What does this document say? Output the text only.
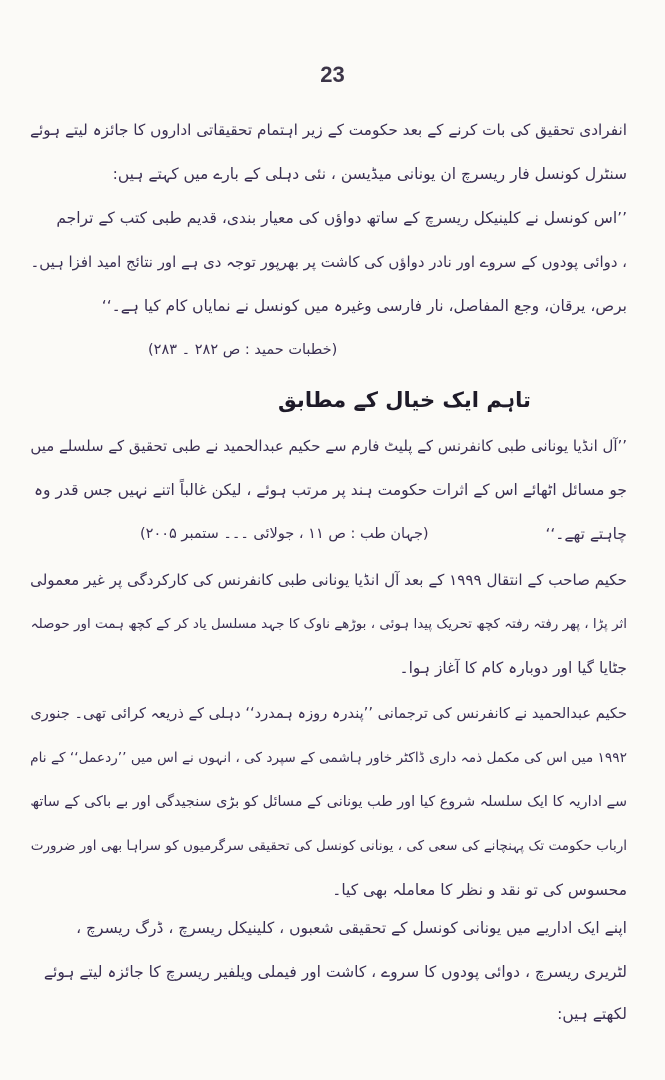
23
انفرادی تحقیق کی بات کرنے کے بعد حکومت کے زیر اہتمام تحقیقاتی اداروں کا جائزہ لیتے ہوئے
سنٹرل کونسل فار ریسرچ ان یونانی میڈیسن ، نئی دہلی کے بارے میں کہتے ہیں:
’’اس کونسل نے کلینیکل ریسرچ کے ساتھ دواؤں کی معیار بندی، قدیم طبی کتب کے تراجم
، دوائی پودوں کے سروے اور نادر دواؤں کی کاشت پر بھرپور توجہ دی ہے اور نتائج امید افزا ہیں۔
برص، یرقان، وجع المفاصل، نار فارسی وغیرہ میں کونسل نے نمایاں کام کیا ہے۔‘‘
(خطبات حمید : ص ۲۸۲ ۔ ۲۸۳)
تاہم ایک خیال کے مطابق
’’آل انڈیا یونانی طبی کانفرنس کے پلیٹ فارم سے حکیم عبدالحمید نے طبی تحقیق کے سلسلے میں
جو مسائل اٹھائے اس کے اثرات حکومت ہند پر مرتب ہوئے ، لیکن غالباً اتنے نہیں جس قدر وہ
چاہتے تھے۔‘‘
(جہان طب : ص ۱۱ ، جولائی ۔۔۔ ستمبر ۲۰۰۵)
حکیم صاحب کے انتقال ۱۹۹۹ کے بعد آل انڈیا یونانی طبی کانفرنس کی کارکردگی پر غیر معمولی
اثر پڑا ، پھر رفتہ رفتہ کچھ تحریک پیدا ہوئی ، بوڑھے ناوک کا جہد مسلسل یاد کر کے کچھ ہمت اور حوصلہ
جٹایا گیا اور دوبارہ کام کا آغاز ہوا۔
حکیم عبدالحمید نے کانفرنس کی ترجمانی ’’پندرہ روزہ ہمدرد‘‘ دہلی کے ذریعہ کرائی تھی۔ جنوری
۱۹۹۲ میں اس کی مکمل ذمہ داری ڈاکٹر خاور ہاشمی کے سپرد کی ، انہوں نے اس میں ’’ردعمل‘‘ کے نام
سے اداریہ کا ایک سلسلہ شروع کیا اور طب یونانی کے مسائل کو بڑی سنجیدگی اور بے باکی کے ساتھ
ارباب حکومت تک پہنچانے کی سعی کی ، یونانی کونسل کی تحقیقی سرگرمیوں کو سراہا بھی اور ضرورت
محسوس کی تو نقد و نظر کا معاملہ بھی کیا۔
اپنے ایک اداریے میں یونانی کونسل کے تحقیقی شعبوں ، کلینیکل ریسرچ ، ڈرگ ریسرچ ،
لٹریری ریسرچ ، دوائی پودوں کا سروے ، کاشت اور فیملی ویلفیر ریسرچ کا جائزہ لیتے ہوئے
لکھتے ہیں:
